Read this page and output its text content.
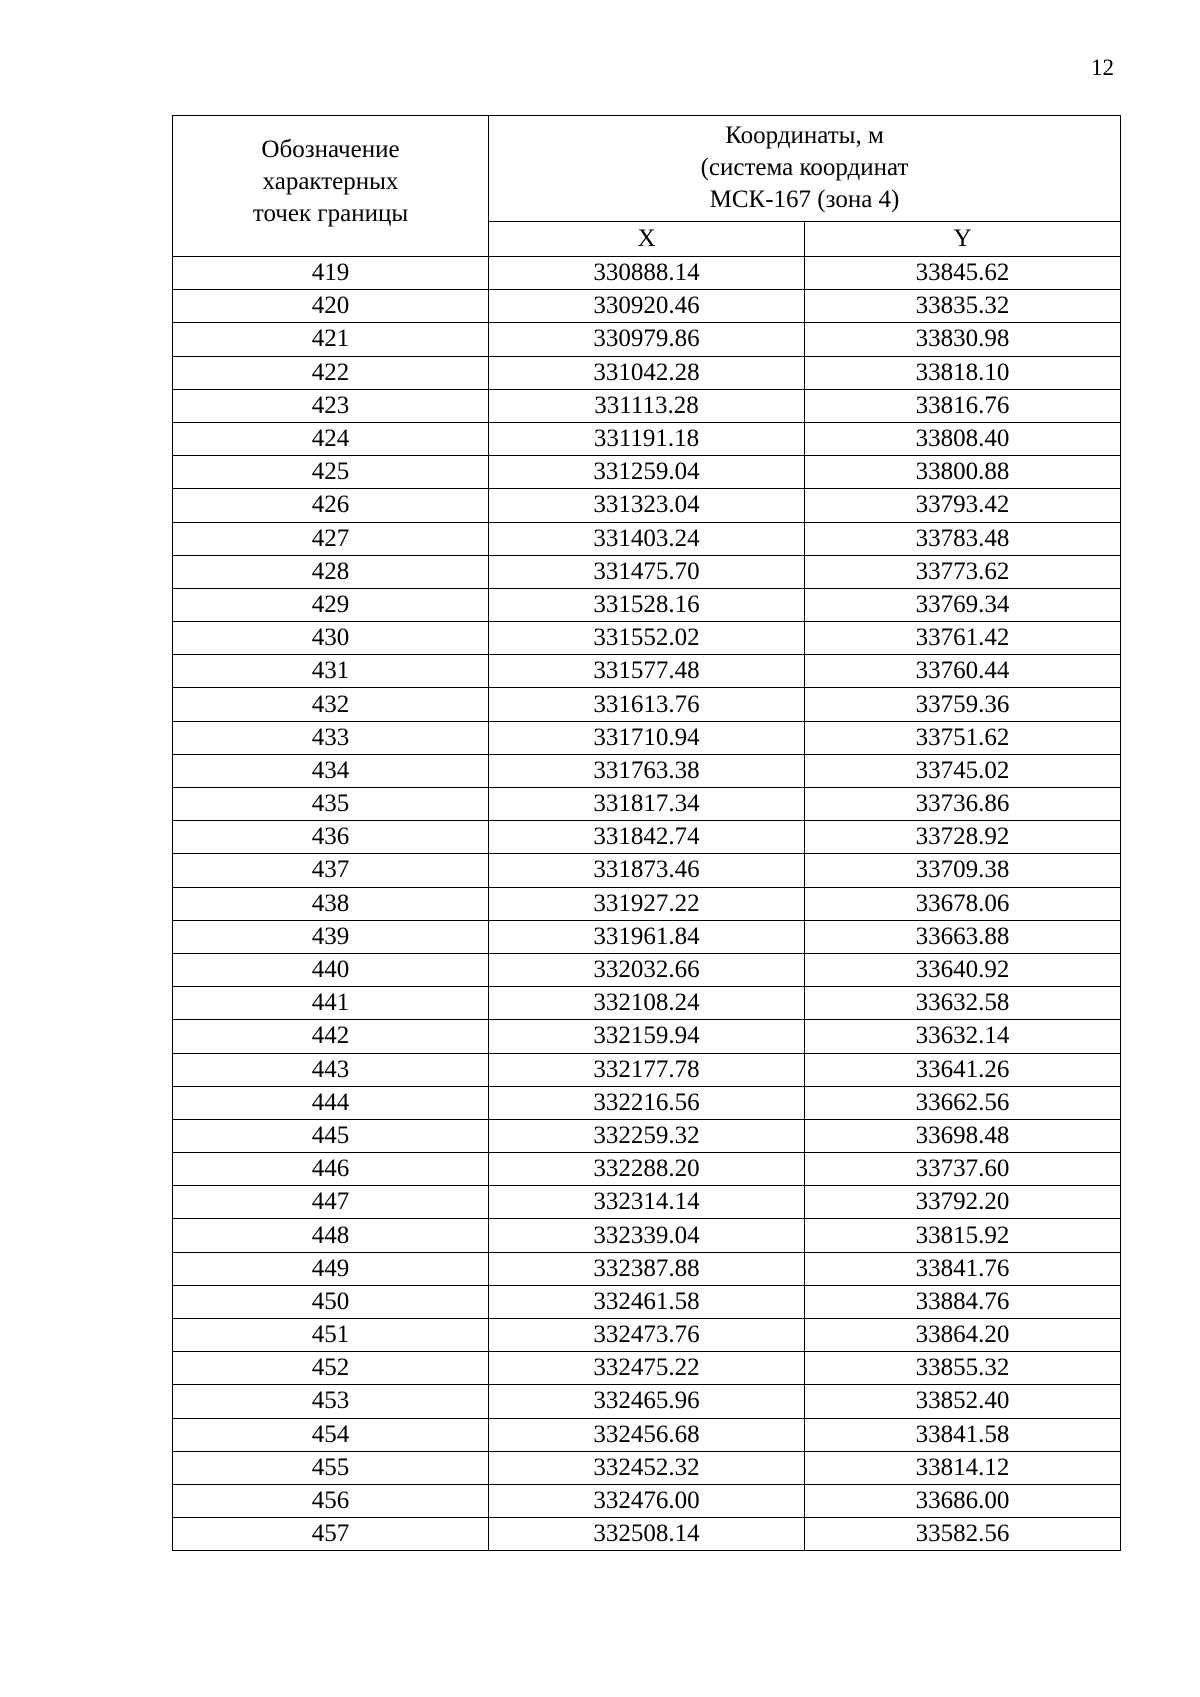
12
Обозначение
характерных
точек границы	Координаты, м
(система координат
МСК-167 (зона 4)	

	X	Y
419	330888.14	33845.62
420	330920.46	33835.32
421	330979.86	33830.98
422	331042.28	33818.10
423	331113.28	33816.76
424	331191.18	33808.40
425	331259.04	33800.88
426	331323.04	33793.42
427	331403.24	33783.48
428	331475.70	33773.62
429	331528.16	33769.34
430	331552.02	33761.42
431	331577.48	33760.44
432	331613.76	33759.36
433	331710.94	33751.62
434	331763.38	33745.02
435	331817.34	33736.86
436	331842.74	33728.92
437	331873.46	33709.38
438	331927.22	33678.06
439	331961.84	33663.88
440	332032.66	33640.92
441	332108.24	33632.58
442	332159.94	33632.14
443	332177.78	33641.26
444	332216.56	33662.56
445	332259.32	33698.48
446	332288.20	33737.60
447	332314.14	33792.20
448	332339.04	33815.92
449	332387.88	33841.76
450	332461.58	33884.76
451	332473.76	33864.20
452	332475.22	33855.32
453	332465.96	33852.40
454	332456.68	33841.58
455	332452.32	33814.12
456	332476.00	33686.00
457	332508.14	33582.56
